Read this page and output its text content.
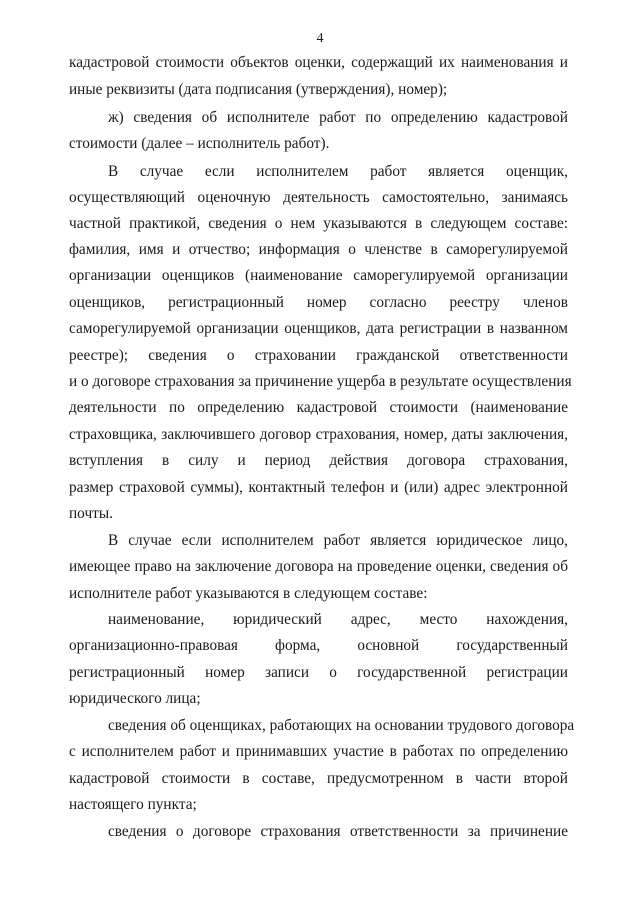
4
кадастровой стоимости объектов оценки, содержащий их наименования и
иные реквизиты (дата подписания (утверждения), номер);
ж) сведения об исполнителе работ по определению кадастровой
стоимости (далее – исполнитель работ).
В случае если исполнителем работ является оценщик,
осуществляющий оценочную деятельность самостоятельно, занимаясь
частной практикой, сведения о нем указываются в следующем составе:
фамилия, имя и отчество; информация о членстве в саморегулируемой
организации оценщиков (наименование саморегулируемой организации
оценщиков, регистрационный номер согласно реестру членов
саморегулируемой организации оценщиков, дата регистрации в названном
реестре); сведения о страховании гражданской ответственности
и о договоре страхования за причинение ущерба в результате осуществления
деятельности по определению кадастровой стоимости (наименование
страховщика, заключившего договор страхования, номер, даты заключения,
вступления в силу и период действия договора страхования,
размер страховой суммы), контактный телефон и (или) адрес электронной
почты.
В случае если исполнителем работ является юридическое лицо,
имеющее право на заключение договора на проведение оценки, сведения об
исполнителе работ указываются в следующем составе:
наименование, юридический адрес, место нахождения,
организационно-правовая форма, основной государственный
регистрационный номер записи о государственной регистрации
юридического лица;
сведения об оценщиках, работающих на основании трудового договора
с исполнителем работ и принимавших участие в работах по определению
кадастровой стоимости в составе, предусмотренном в части второй
настоящего пункта;
сведения о договоре страхования ответственности за причинение
